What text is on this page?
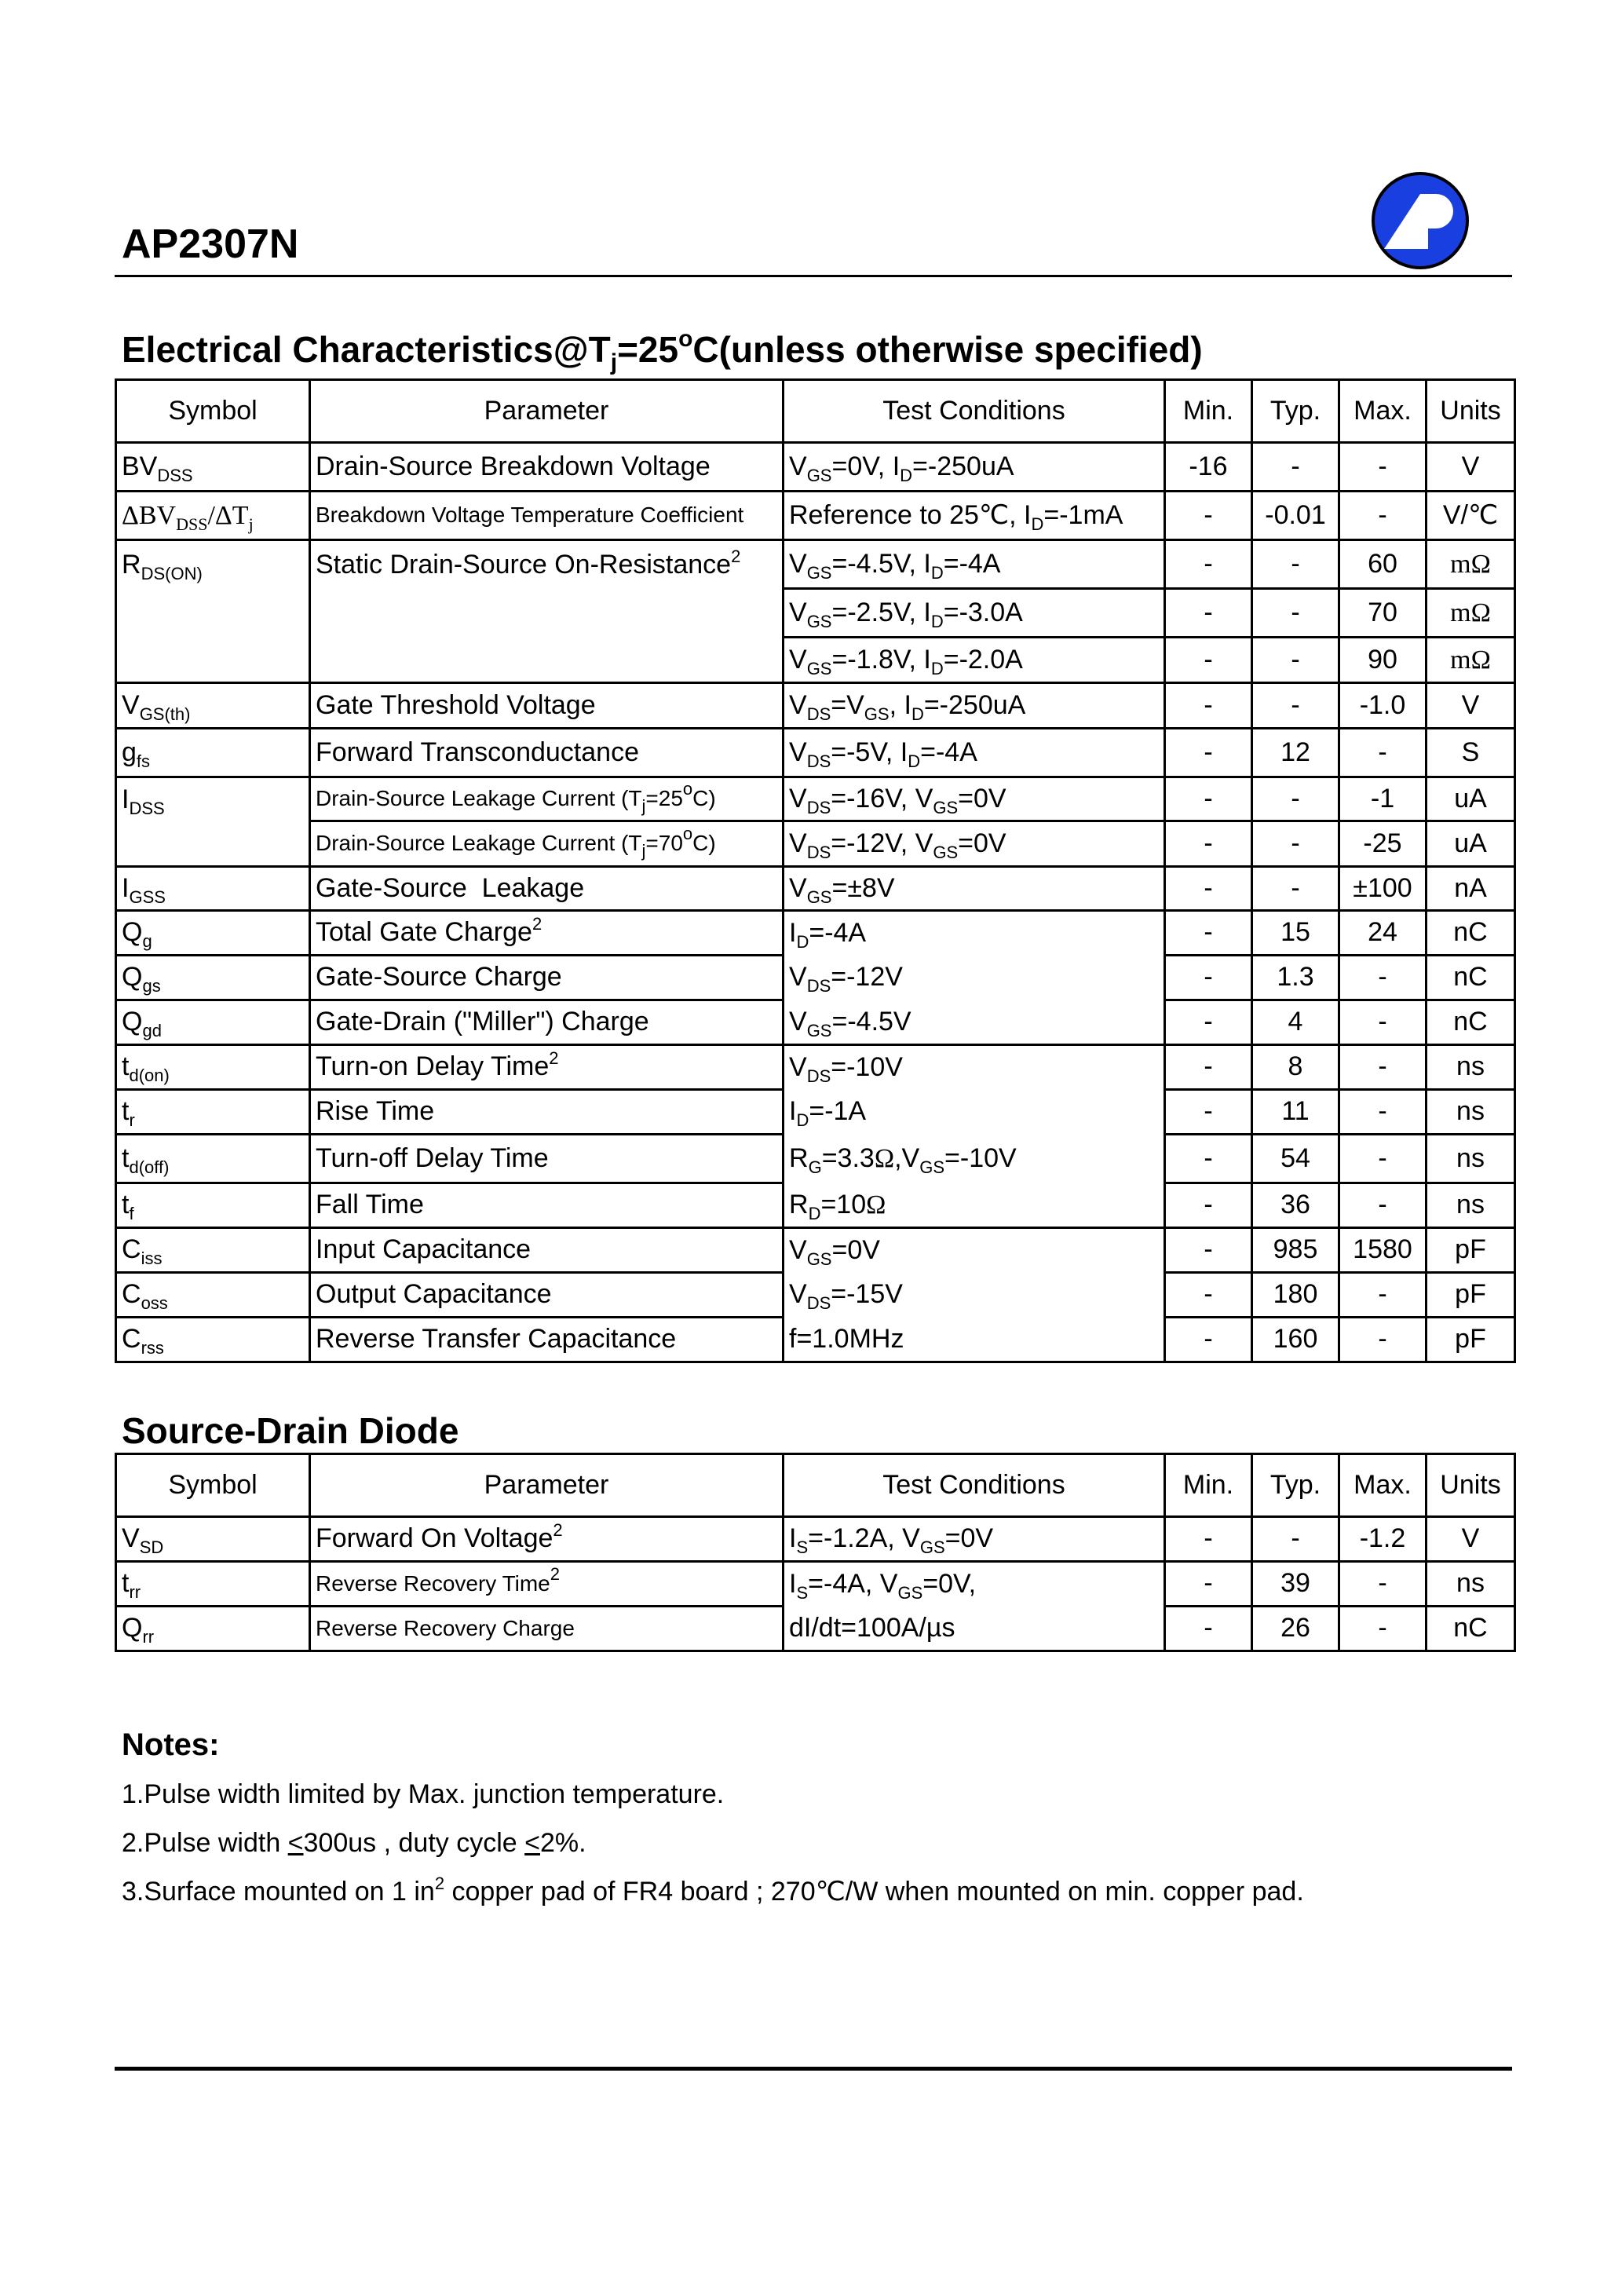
AP2307N
Electrical $Characteristics@T_j=25^oC(unless$ otherwise specified)
Symbol	Parameter	Test Conditions	Min.	Typ.	Max.	Units
$BV_{DSS}$	Drain-Source Breakdown Voltage	$V_{GS}=0V$, $I_D=-250uA$	-16	-	-	V
$\Delta BV_{DSS}/\Delta T_j$	Breakdown Voltage Temperature Coefficient	Reference to 25℃, $I_D=-1mA$	-	-0.01	-	V/℃
$R_{DS(ON)}$	Static Drain-Source On-Resistance$^2$	$V_{GS}=-4.5V$, $I_D=-4A$	-	-	60	mΩ
		$V_{GS}=-2.5V$, $I_D=-3.0A$	-	-	70	mΩ
		$V_{GS}=-1.8V$, $I_D=-2.0A$	-	-	90	mΩ
$V_{GS(th)}$	Gate Threshold Voltage	$V_{DS}=V_{GS}$, $I_D=-250uA$	-	-	-1.0	V
$g_{fs}$	Forward Transconductance	$V_{DS}=-5V$, $I_D=-4A$	-	12	-	S
$I_{DSS}$	Drain-Source Leakage Current $(T_j=25^oC)$	$V_{DS}=-16V$, $V_{GS}=0V$	-	-	-1	uA
	Drain-Source Leakage Current $(T_j=70^oC)$	$V_{DS}=-12V$, $V_{GS}=0V$	-	-	-25	uA
$I_{GSS}$	Gate-Source  Leakage	$V_{GS}=\pm 8V$	-	-	±100	nA
$Q_g$	Total Gate Charge$^2$	$I_D=-4A$	-	15	24	nC
$Q_{gs}$	Gate-Source Charge	$V_{DS}=-12V$	-	1.3	-	nC
$Q_{gd}$	Gate-Drain ("Miller") Charge	$V_{GS}=-4.5V$	-	4	-	nC
$t_{d(on)}$	Turn-on Delay Time$^2$	$V_{DS}=-10V$	-	8	-	ns
$t_r$	Rise Time	$I_D=-1A$	-	11	-	ns
$t_{d(off)}$	Turn-off Delay Time	$R_G=3.3\Omega,V_{GS}=-10V$	-	54	-	ns
$t_f$	Fall Time	$R_D=10\Omega$	-	36	-	ns
$C_{iss}$	Input Capacitance	$V_{GS}=0V$	-	985	1580	pF
$C_{oss}$	Output Capacitance	$V_{DS}=-15V$	-	180	-	pF
$C_{rss}$	Reverse Transfer Capacitance	f=1.0MHz	-	160	-	pF
Source-Drain Diode
Symbol	Parameter	Test Conditions	Min.	Typ.	Max.	Units
$V_{SD}$	Forward On Voltage$^2$	$I_S=-1.2A$, $V_{GS}=0V$	-	-	-1.2	V
$t_{rr}$	Reverse Recovery Time$^2$	$I_S=-4A$, $V_{GS}=0V$,	-	39	-	ns
$Q_{rr}$	Reverse Recovery Charge	dI/dt=100A/µs	-	26	-	nC

Notes:

1.Pulse width limited by Max. junction temperature.

2.Pulse width <300us , duty cycle <2%.

3.Surface mounted on 1 $in^2$ copper pad of FR4 board ; 270℃/W when mounted on min. copper pad.
